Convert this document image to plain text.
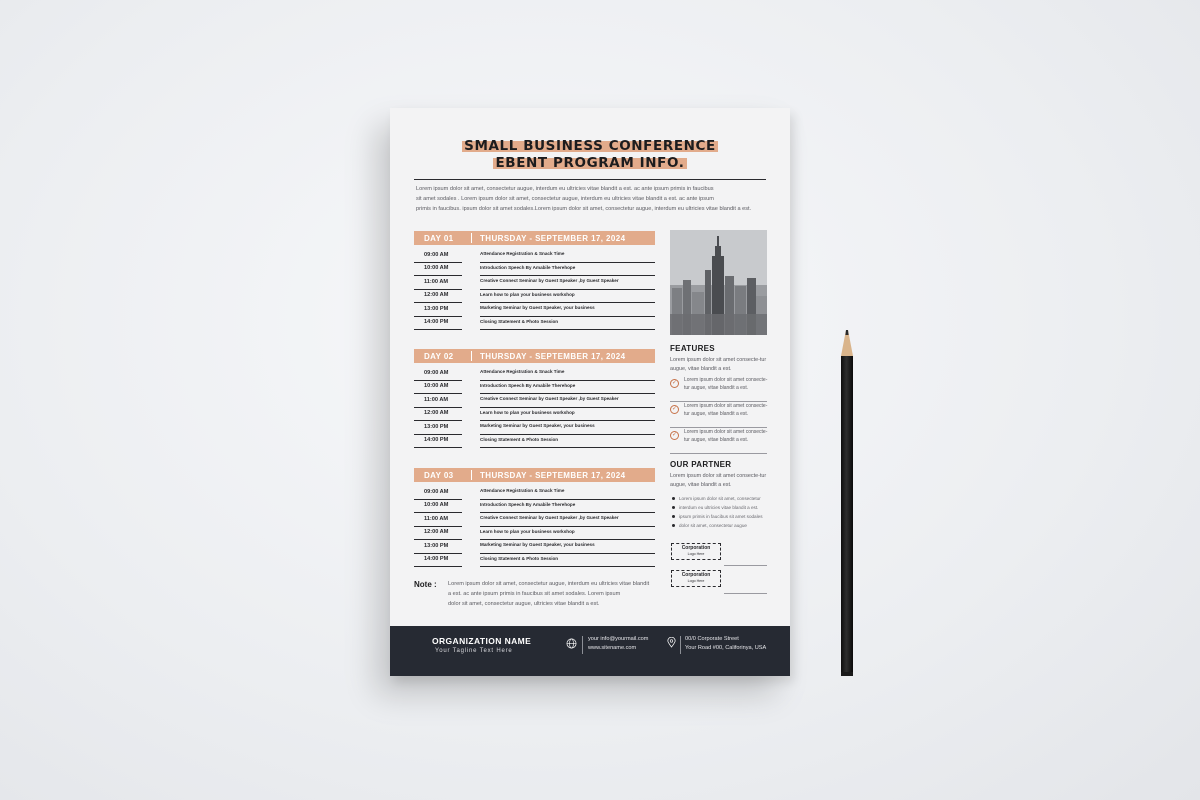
SMALL BUSINESS CONFERENCE
EBENT PROGRAM INFO.
Lorem ipsum dolor sit amet, consectetur augue, interdum eu ultricies vitae blandit a est. ac ante ipsum primis in faucibus
sit amet sodales . Lorem ipsum dolor sit amet, consectetur augue, interdum eu ultricies vitae blandit a est. ac ante ipsum
primis in faucibus. ipsum dolor sit amet sodales.Lorem ipsum dolor sit amet, consectetur augue, interdum eu ultricies vitae blandit a est.
DAY 01	THURSDAY - SEPTEMBER 17, 2024
09:00 AM	Attendance Registration & Snack Time
10:00 AM	Introduction Speech By Amabile Therehope
11:00 AM	Creative Connect Seminar by Guest Speaker ,by Guest Speaker
12:00 AM	Learn how to plan your business workshop
13:00 PM	Marketing Seminar by Guest Speaker, your business
14:00 PM	Closing Statement & Photo Session
DAY 02	THURSDAY - SEPTEMBER 17, 2024
09:00 AM	Attendance Registration & Snack Time
10:00 AM	Introduction Speech By Amabile Therehope
11:00 AM	Creative Connect Seminar by Guest Speaker ,by Guest Speaker
12:00 AM	Learn how to plan your business workshop
13:00 PM	Marketing Seminar by Guest Speaker, your business
14:00 PM	Closing Statement & Photo Session
DAY 03	THURSDAY - SEPTEMBER 17, 2024
09:00 AM	Attendance Registration & Snack Time
10:00 AM	Introduction Speech By Amabile Therehope
11:00 AM	Creative Connect Seminar by Guest Speaker ,by Guest Speaker
12:00 AM	Learn how to plan your business workshop
13:00 PM	Marketing Seminar by Guest Speaker, your business
14:00 PM	Closing Statement & Photo Session
Note : Lorem ipsum dolor sit amet, consectetur augue, interdum eu ultricies vitae blandit
a est. ac ante ipsum primis in faucibus sit amet sodales. Lorem ipsum
dolor sit amet, consectetur augue, ultricies vitae blandit a est.
FEATURES
Lorem ipsum dolor sit amet consecte-tur augue, vitae blandit a est.
✓	Lorem ipsum dolor sit amet consecte-tur augue, vitae blandit a est.
✓	Lorem ipsum dolor sit amet consecte-tur augue, vitae blandit a est.
✓	Lorem ipsum dolor sit amet consecte-tur augue, vitae blandit a est.
OUR PARTNER
Lorem ipsum dolor sit amet consecte-tur augue, vitae blandit a est.
Lorem ipsum dolor sit amet, consectetur
interdum eu ultricies vitae blandit a est.
ipsum primis in faucibus sit amet sodales
dolor sit amet, consectetur augue
Corporation
Logo Here
Corporation
Logo Here
ORGANIZATION NAME
Your Tagline Text Here
your info@yourmail.com
www.sitename.com
00/0 Corporate Street
Your Road #00, Califorinya, USA
